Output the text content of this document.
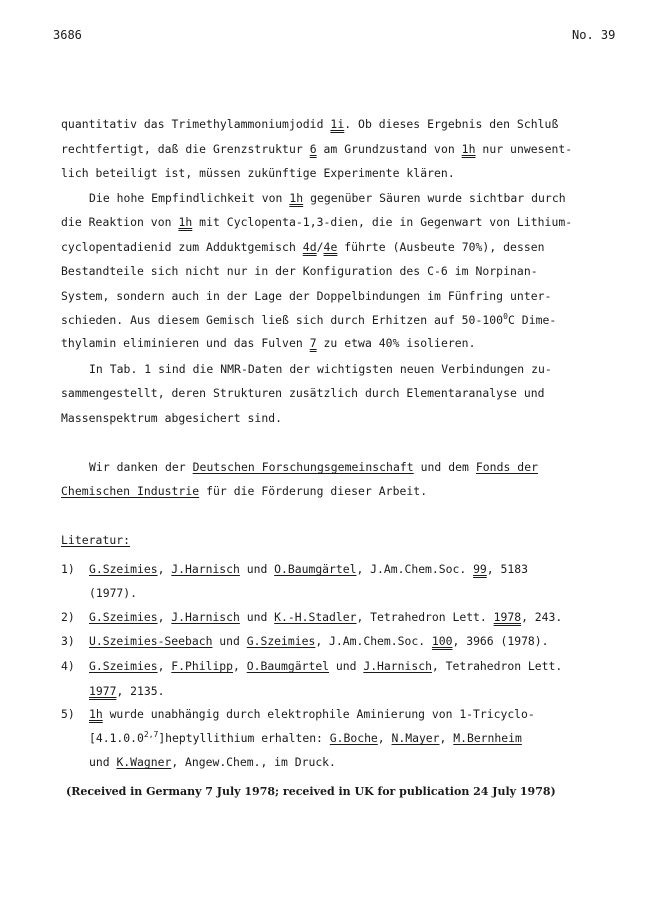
3686	No. 39
quantitativ das Trimethylammoniumjodid 1i. Ob dieses Ergebnis den Schluß
rechtfertigt, daß die Grenzstruktur 6 am Grundzustand von 1h nur unwesent-
lich beteiligt ist, müssen zukünftige Experimente klären.
Die hohe Empfindlichkeit von 1h gegenüber Säuren wurde sichtbar durch
die Reaktion von 1h mit Cyclopenta-1,3-dien, die in Gegenwart von Lithium-
cyclopentadienid zum Adduktgemisch 4d/4e führte (Ausbeute 70%), dessen
Bestandteile sich nicht nur in der Konfiguration des C-6 im Norpinan-
System, sondern auch in der Lage der Doppelbindungen im Fünfring unter-
schieden. Aus diesem Gemisch ließ sich durch Erhitzen auf $50-100^0C$ Dime-
thylamin eliminieren und das Fulven 7 zu etwa 40% isolieren.
In Tab. 1 sind die NMR-Daten der wichtigsten neuen Verbindungen zu-
sammengestellt, deren Strukturen zusätzlich durch Elementaranalyse und
Massenspektrum abgesichert sind.
Wir danken der Deutschen Forschungsgemeinschaft und dem Fonds der
Chemischen Industrie für die Förderung dieser Arbeit.
Literatur:
1) G.Szeimies, J.Harnisch und O.Baumgärtel, J.Am.Chem.Soc. 99, 5183
(1977).
2) G.Szeimies, J.Harnisch und K.-H.Stadler, Tetrahedron Lett. 1978, 243.
3) U.Szeimies-Seebach und G.Szeimies, J.Am.Chem.Soc. 100, 3966 (1978).
4) G.Szeimies, F.Philipp, O.Baumgärtel und J.Harnisch, Tetrahedron Lett.
1977, 2135.
5) 1h wurde unabhängig durch elektrophile Aminierung von 1-Tricyclo-
[4.1.0.0$^{2,7}$]heptyllithium erhalten: G.Boche, N.Mayer, M.Bernheim
und K.Wagner, Angew.Chem., im Druck.
(Received in Germany 7 July 1978; received in UK for publication 24 July 1978)
